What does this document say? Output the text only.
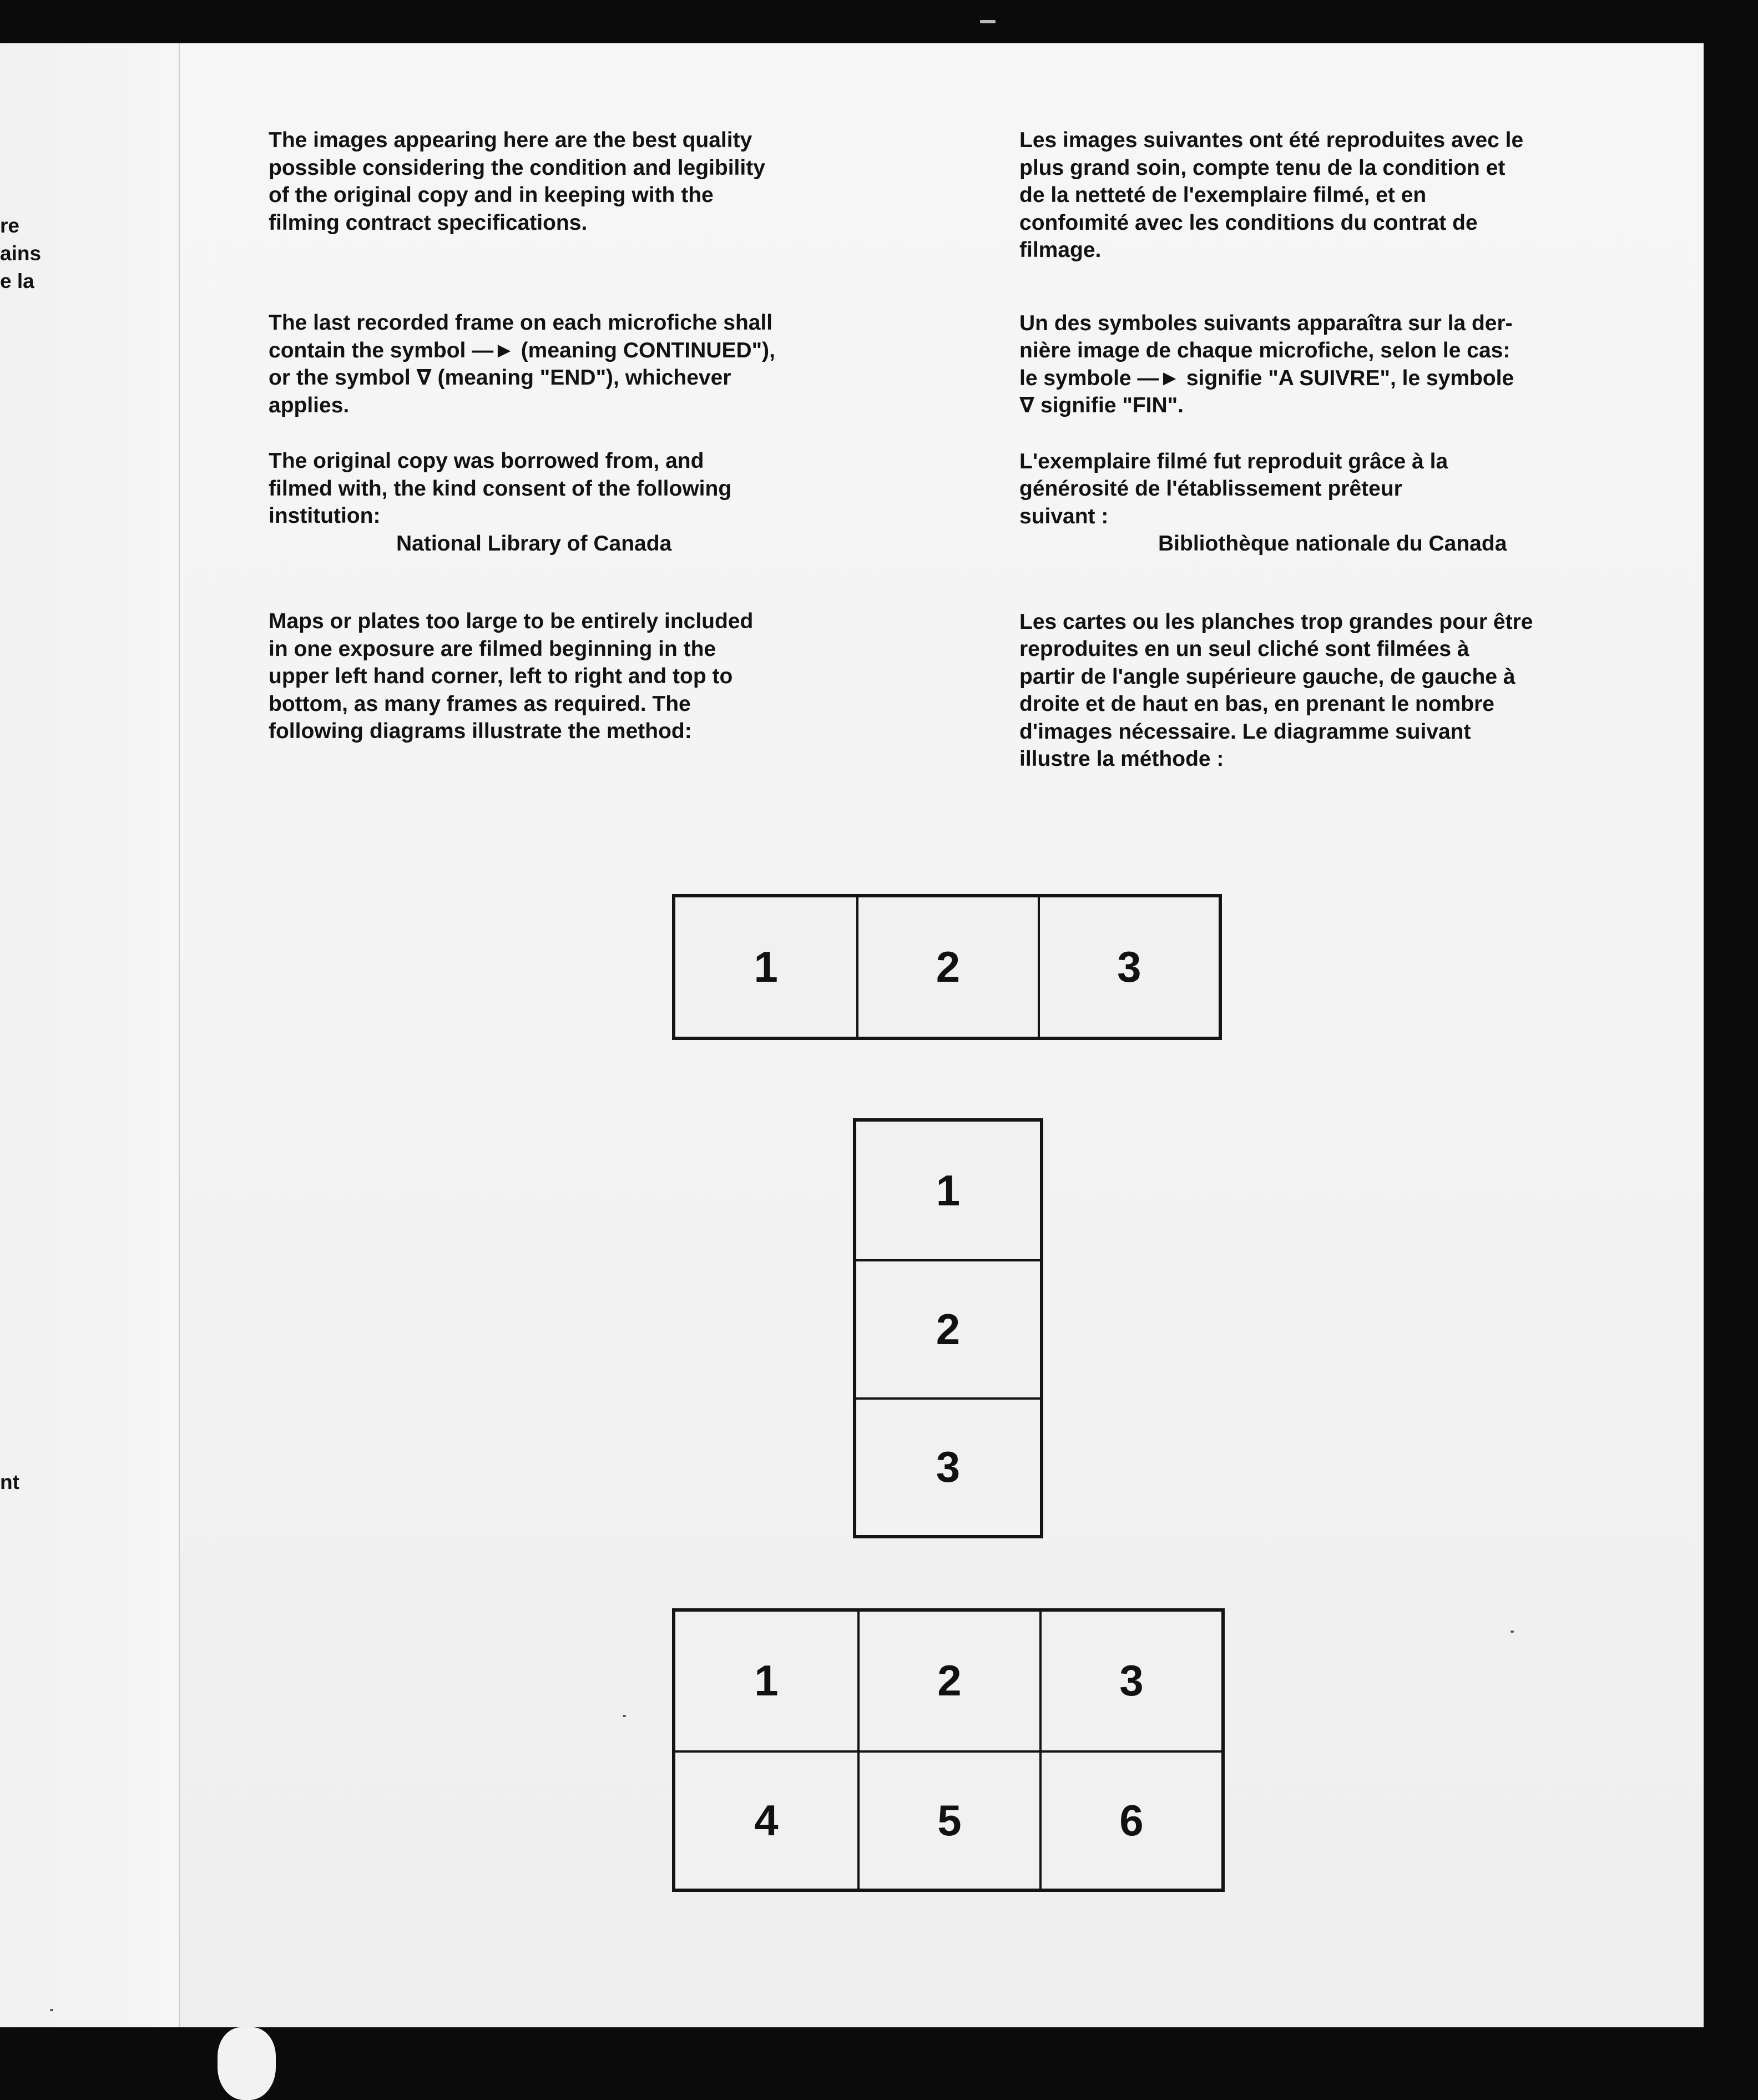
re
ains
e la
nt

The images appearing here are the best quality
possible considering the condition and legibility
of the original copy and in keeping with the
filming contract specifications.

The last recorded frame on each microfiche shall
contain the symbol —► (meaning CONTINUED"),
or the symbol ∇ (meaning "END"), whichever
applies.

The original copy was borrowed from, and
filmed with, the kind consent of the following
institution:

National Library of Canada

Maps or plates too large to be entirely included
in one exposure are filmed beginning in the
upper left hand corner, left to right and top to
bottom, as many frames as required. The
following diagrams illustrate the method:

Les images suivantes ont été reproduites avec le
plus grand soin, compte tenu de la condition et
de la netteté de l'exemplaire filmé, et en
confoımité avec les conditions du contrat de
filmage.

Un des symboles suivants apparaîtra sur la der-
nière image de chaque microfiche, selon le cas:
le symbole —► signifie "A SUIVRE", le symbole
∇ signifie "FIN".

L'exemplaire filmé fut reproduit grâce à la
générosité de l'établissement prêteur
suivant :

Bibliothèque nationale du Canada

Les cartes ou les planches trop grandes pour être
reproduites en un seul cliché sont filmées à
partir de l'angle supérieure gauche, de gauche à
droite et de haut en bas, en prenant le nombre
d'images nécessaire. Le diagramme suivant
illustre la méthode :

1	2	3
1
2
3
1	2	3
4	5	6
